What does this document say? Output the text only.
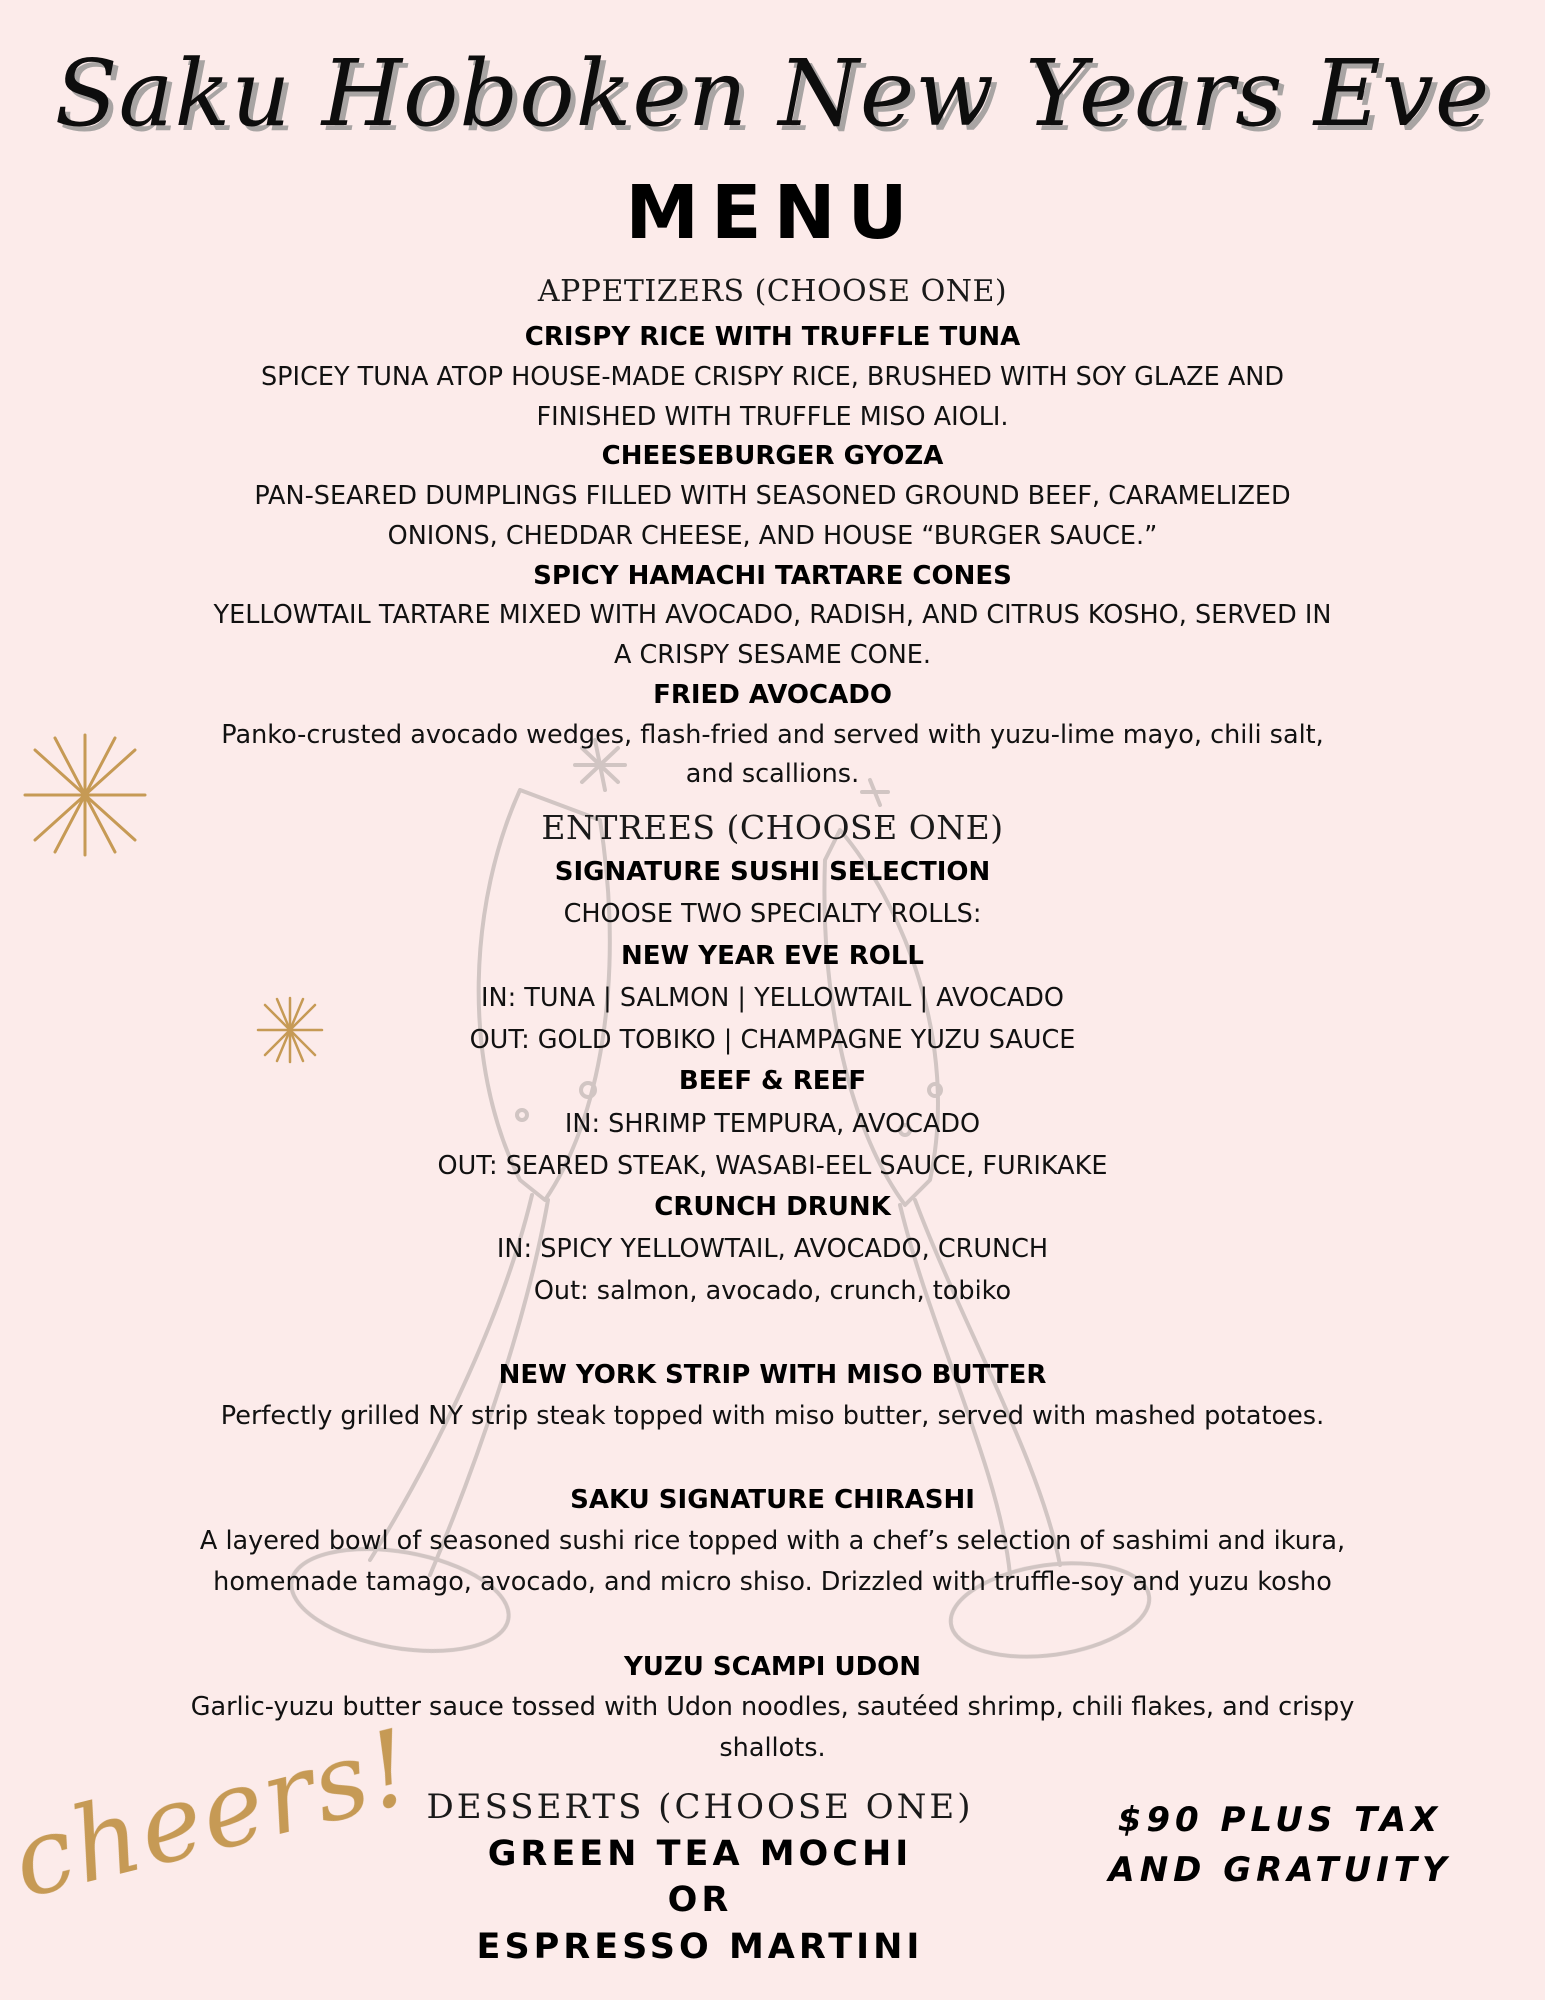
Saku Hoboken New Years Eve
MENU
APPETIZERS (CHOOSE ONE)
CRISPY RICE WITH TRUFFLE TUNA
SPICEY TUNA ATOP HOUSE-MADE CRISPY RICE, BRUSHED WITH SOY GLAZE AND
FINISHED WITH TRUFFLE MISO AIOLI.
CHEESEBURGER GYOZA
PAN-SEARED DUMPLINGS FILLED WITH SEASONED GROUND BEEF, CARAMELIZED
ONIONS, CHEDDAR CHEESE, AND HOUSE “BURGER SAUCE.”
SPICY HAMACHI TARTARE CONES
YELLOWTAIL TARTARE MIXED WITH AVOCADO, RADISH, AND CITRUS KOSHO, SERVED IN
A CRISPY SESAME CONE.
FRIED AVOCADO
Panko-crusted avocado wedges, flash-fried and served with yuzu-lime mayo, chili salt,
and scallions.
ENTREES (CHOOSE ONE)
SIGNATURE SUSHI SELECTION
CHOOSE TWO SPECIALTY ROLLS:
NEW YEAR EVE ROLL
IN: TUNA | SALMON | YELLOWTAIL | AVOCADO
OUT: GOLD TOBIKO | CHAMPAGNE YUZU SAUCE
BEEF & REEF
IN: SHRIMP TEMPURA, AVOCADO
OUT: SEARED STEAK, WASABI-EEL SAUCE, FURIKAKE
CRUNCH DRUNK
IN: SPICY YELLOWTAIL, AVOCADO, CRUNCH
Out: salmon, avocado, crunch, tobiko
NEW YORK STRIP WITH MISO BUTTER
Perfectly grilled NY strip steak topped with miso butter, served with mashed potatoes.
SAKU SIGNATURE CHIRASHI
A layered bowl of seasoned sushi rice topped with a chef’s selection of sashimi and ikura,
homemade tamago, avocado, and micro shiso. Drizzled with truffle-soy and yuzu kosho
YUZU SCAMPI UDON
Garlic-yuzu butter sauce tossed with Udon noodles, sautéed shrimp, chili flakes, and crispy
shallots.
DESSERTS (CHOOSE ONE)
GREEN TEA MOCHI
OR
ESPRESSO MARTINI
$90 PLUS TAX
AND GRATUITY
cheers!
